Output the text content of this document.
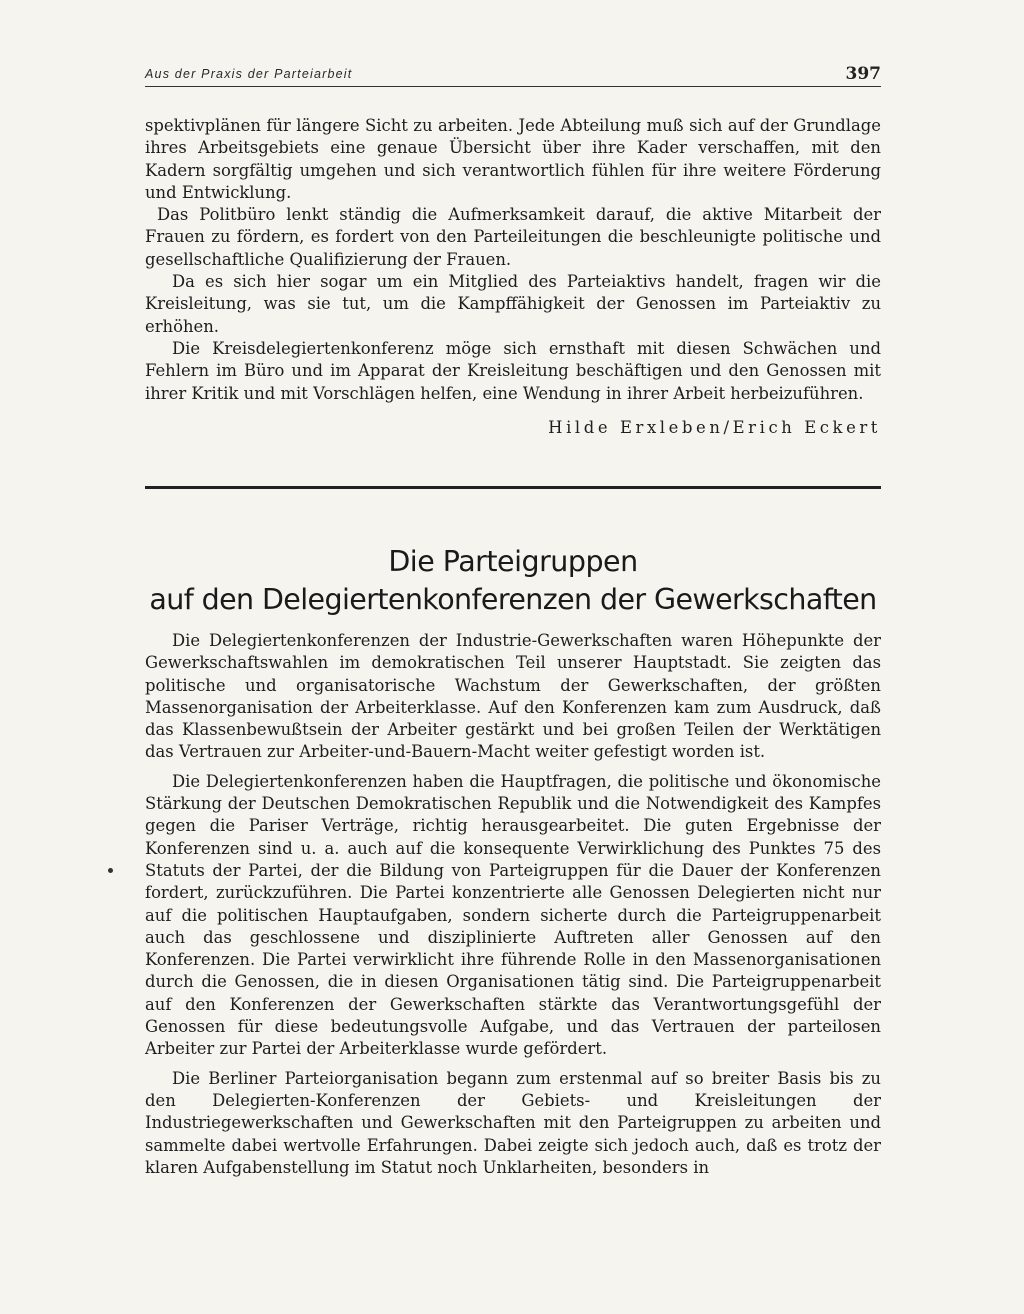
Aus der Praxis der Parteiarbeit	397

spektivplänen für längere Sicht zu arbeiten. Jede Abteilung muß sich auf der Grundlage ihres Arbeitsgebiets eine genaue Übersicht über ihre Kader verschaffen, mit den Kadern sorgfältig umgehen und sich verantwortlich fühlen für ihre weitere Förderung und Entwicklung.

Das Politbüro lenkt ständig die Aufmerksamkeit darauf, die aktive Mitarbeit der Frauen zu fördern, es fordert von den Parteileitungen die beschleunigte politische und gesellschaftliche Qualifizierung der Frauen.

Da es sich hier sogar um ein Mitglied des Parteiaktivs handelt, fragen wir die Kreisleitung, was sie tut, um die Kampffähigkeit der Genossen im Parteiaktiv zu erhöhen.

Die Kreisdelegiertenkonferenz möge sich ernsthaft mit diesen Schwächen und Fehlern im Büro und im Apparat der Kreisleitung beschäftigen und den Genossen mit ihrer Kritik und mit Vorschlägen helfen, eine Wendung in ihrer Arbeit herbeizuführen.

Hilde Erxleben/Erich Eckert
Die Parteigruppen
auf den Delegiertenkonferenzen der Gewerkschaften

Die Delegiertenkonferenzen der Industrie-Gewerkschaften waren Höhepunkte der Gewerkschaftswahlen im demokratischen Teil unserer Hauptstadt. Sie zeigten das politische und organisatorische Wachstum der Gewerkschaften, der größten Massenorganisation der Arbeiterklasse. Auf den Konferenzen kam zum Ausdruck, daß das Klassenbewußtsein der Arbeiter gestärkt und bei großen Teilen der Werktätigen das Vertrauen zur Arbeiter-und-Bauern-Macht weiter gefestigt worden ist.

Die Delegiertenkonferenzen haben die Hauptfragen, die politische und ökonomische Stärkung der Deutschen Demokratischen Republik und die Notwendigkeit des Kampfes gegen die Pariser Verträge, richtig herausgearbeitet. Die guten Ergebnisse der Konferenzen sind u. a. auch auf die konsequente Verwirklichung des Punktes 75 des Statuts der Partei, der die Bildung von Parteigruppen für die Dauer der Konferenzen fordert, zurückzuführen. Die Partei konzentrierte alle Genossen Delegierten nicht nur auf die politischen Hauptaufgaben, sondern sicherte durch die Parteigruppenarbeit auch das geschlossene und disziplinierte Auftreten aller Genossen auf den Konferenzen. Die Partei verwirklicht ihre führende Rolle in den Massenorganisationen durch die Genossen, die in diesen Organisationen tätig sind. Die Parteigruppenarbeit auf den Konferenzen der Gewerkschaften stärkte das Verantwortungsgefühl der Genossen für diese bedeutungsvolle Aufgabe, und das Vertrauen der parteilosen Arbeiter zur Partei der Arbeiterklasse wurde gefördert.

Die Berliner Parteiorganisation begann zum erstenmal auf so breiter Basis bis zu den Delegierten-Konferenzen der Gebiets- und Kreisleitungen der Industriegewerkschaften und Gewerkschaften mit den Parteigruppen zu arbeiten und sammelte dabei wertvolle Erfahrungen. Dabei zeigte sich jedoch auch, daß es trotz der klaren Aufgabenstellung im Statut noch Unklarheiten, besonders in
